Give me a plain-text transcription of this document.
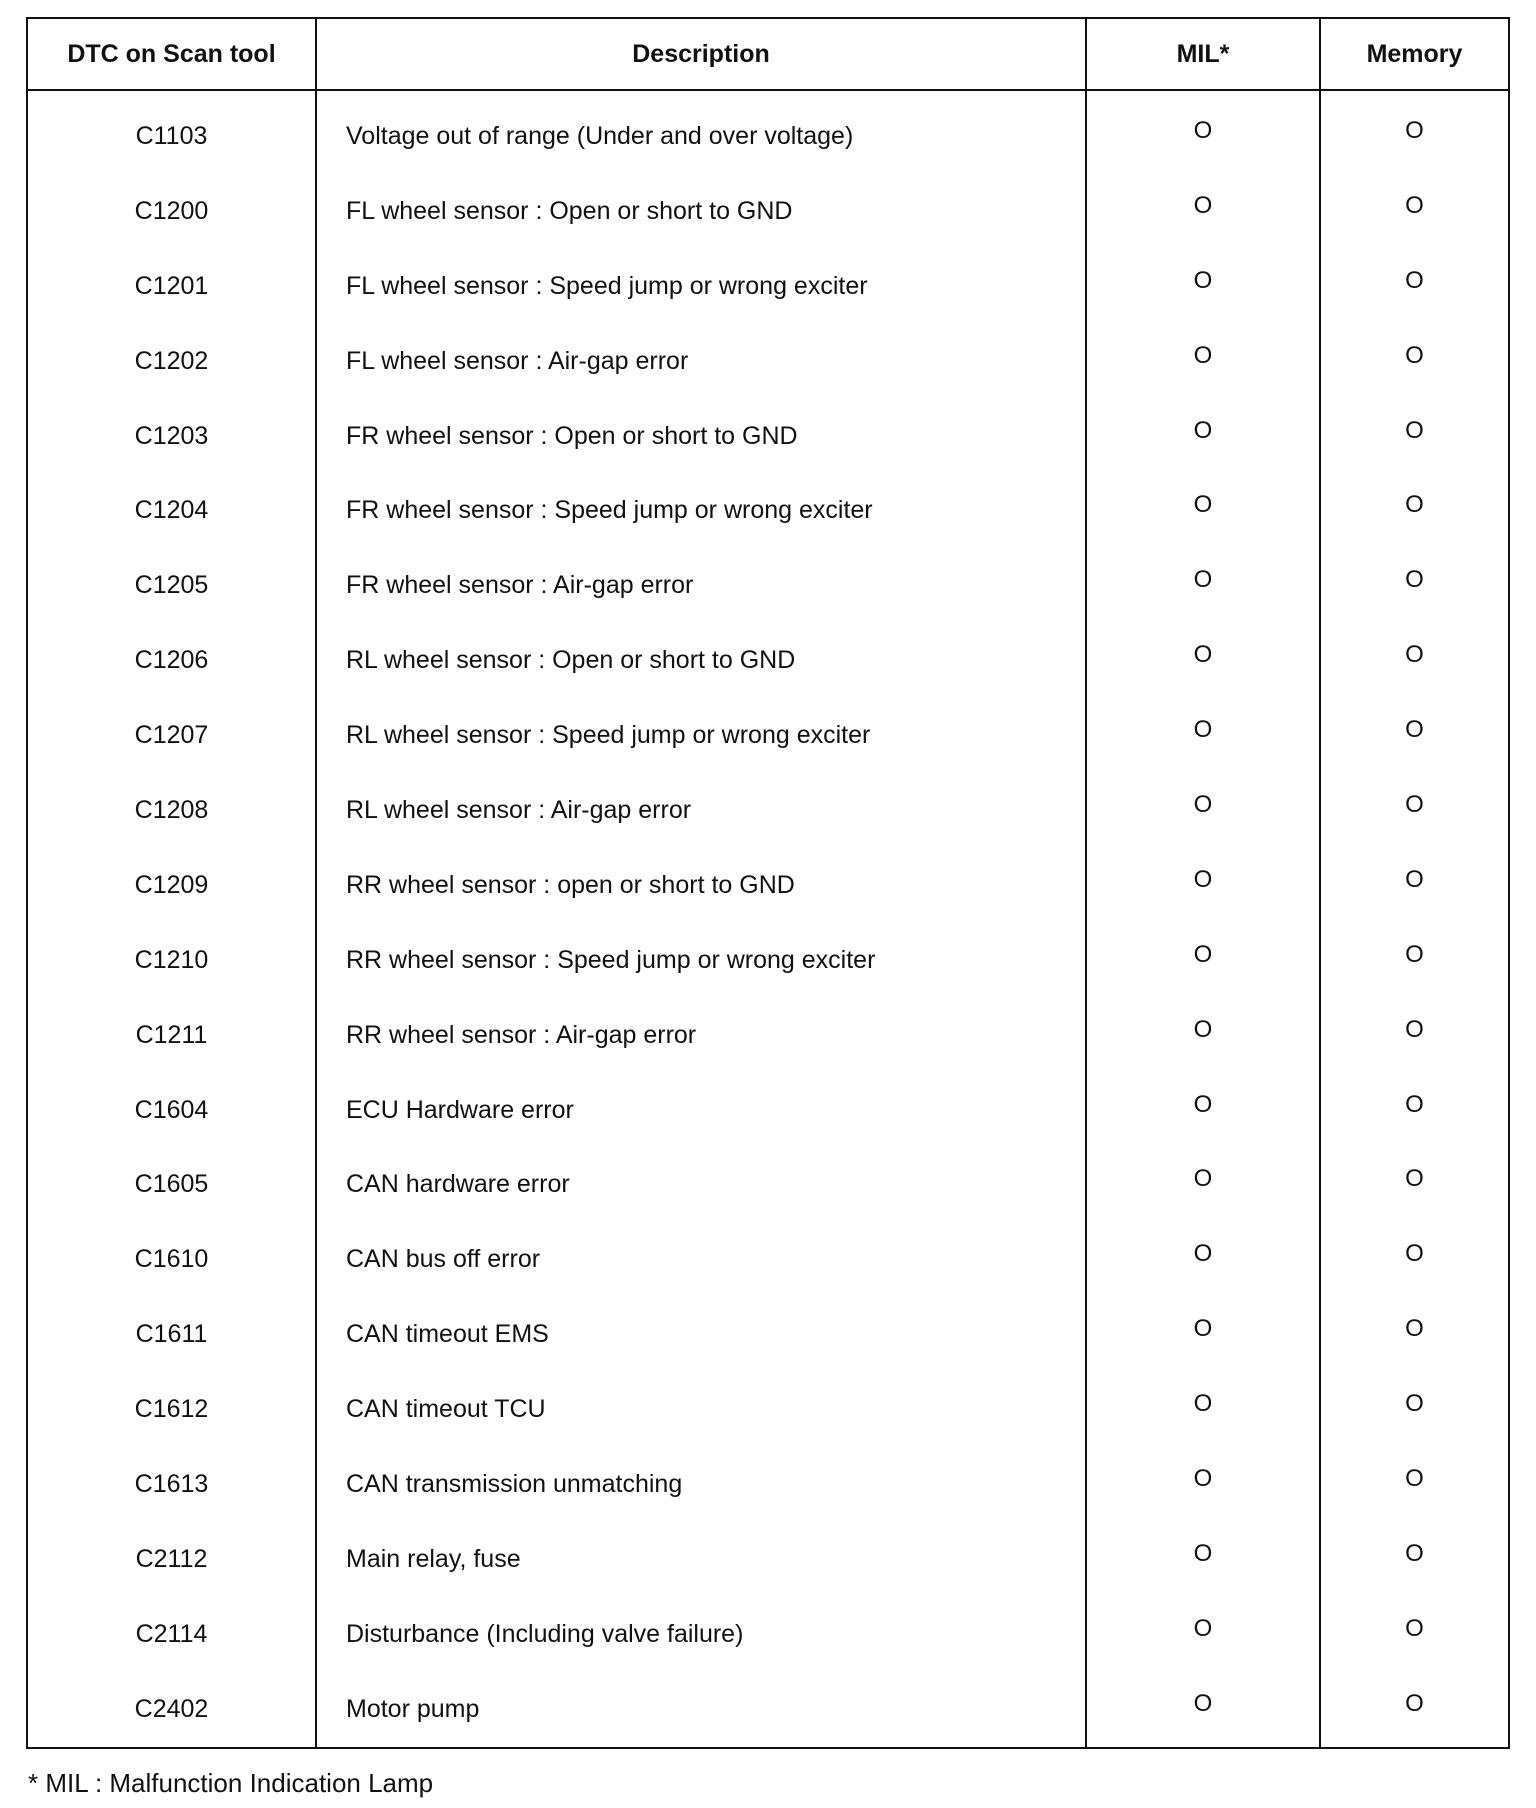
DTC on Scan tool	Description	MIL*	Memory
C1103	Voltage out of range (Under and over voltage)	O	O
C1200	FL wheel sensor : Open or short to GND	O	O
C1201	FL wheel sensor : Speed jump or wrong exciter	O	O
C1202	FL wheel sensor : Air-gap error	O	O
C1203	FR wheel sensor : Open or short to GND	O	O
C1204	FR wheel sensor : Speed jump or wrong exciter	O	O
C1205	FR wheel sensor : Air-gap error	O	O
C1206	RL wheel sensor : Open or short to GND	O	O
C1207	RL wheel sensor : Speed jump or wrong exciter	O	O
C1208	RL wheel sensor : Air-gap error	O	O
C1209	RR wheel sensor : open or short to GND	O	O
C1210	RR wheel sensor : Speed jump or wrong exciter	O	O
C1211	RR wheel sensor : Air-gap error	O	O
C1604	ECU Hardware error	O	O
C1605	CAN hardware error	O	O
C1610	CAN bus off error	O	O
C1611	CAN timeout EMS	O	O
C1612	CAN timeout TCU	O	O
C1613	CAN transmission unmatching	O	O
C2112	Main relay, fuse	O	O
C2114	Disturbance (Including valve failure)	O	O
C2402	Motor pump	O	O
* MIL : Malfunction Indication Lamp
